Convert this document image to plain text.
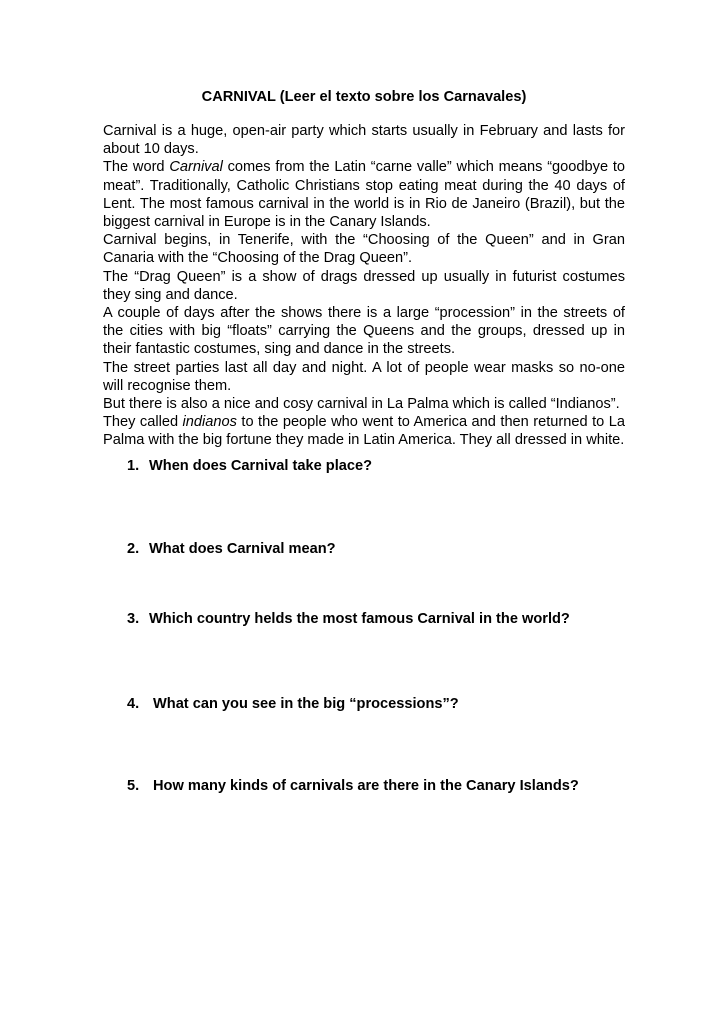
CARNIVAL (Leer el texto sobre los Carnavales)

Carnival is a huge, open-air party which starts usually in February and lasts for about 10 days.

The word Carnival comes from the Latin “carne valle” which means “goodbye to meat”. Traditionally, Catholic Christians stop eating meat during the 40 days of Lent. The most famous carnival in the world is in Rio de Janeiro (Brazil), but the biggest carnival in Europe is in the Canary Islands.

Carnival begins, in Tenerife, with the “Choosing of the Queen” and in Gran Canaria with the “Choosing of the Drag Queen”.

The “Drag Queen” is a show of drags dressed up usually in futurist costumes they sing and dance.

A couple of days after the shows there is a large “procession” in the streets of the cities with big “floats” carrying the Queens and the groups, dressed up in their fantastic costumes, sing and dance in the streets.

The street parties last all day and night. A lot of people wear masks so no-one will recognise them.

But there is also a nice and cosy carnival in La Palma which is called “Indianos”.

They called indianos to the people who went to America and then returned to La Palma with the big fortune they made in Latin America. They all dressed in white.

1. When does Carnival take place?
2. What does Carnival mean?
3. Which country helds the most famous Carnival in the world?
4. What can you see in the big “processions”?
5. How many kinds of carnivals are there in the Canary Islands?
